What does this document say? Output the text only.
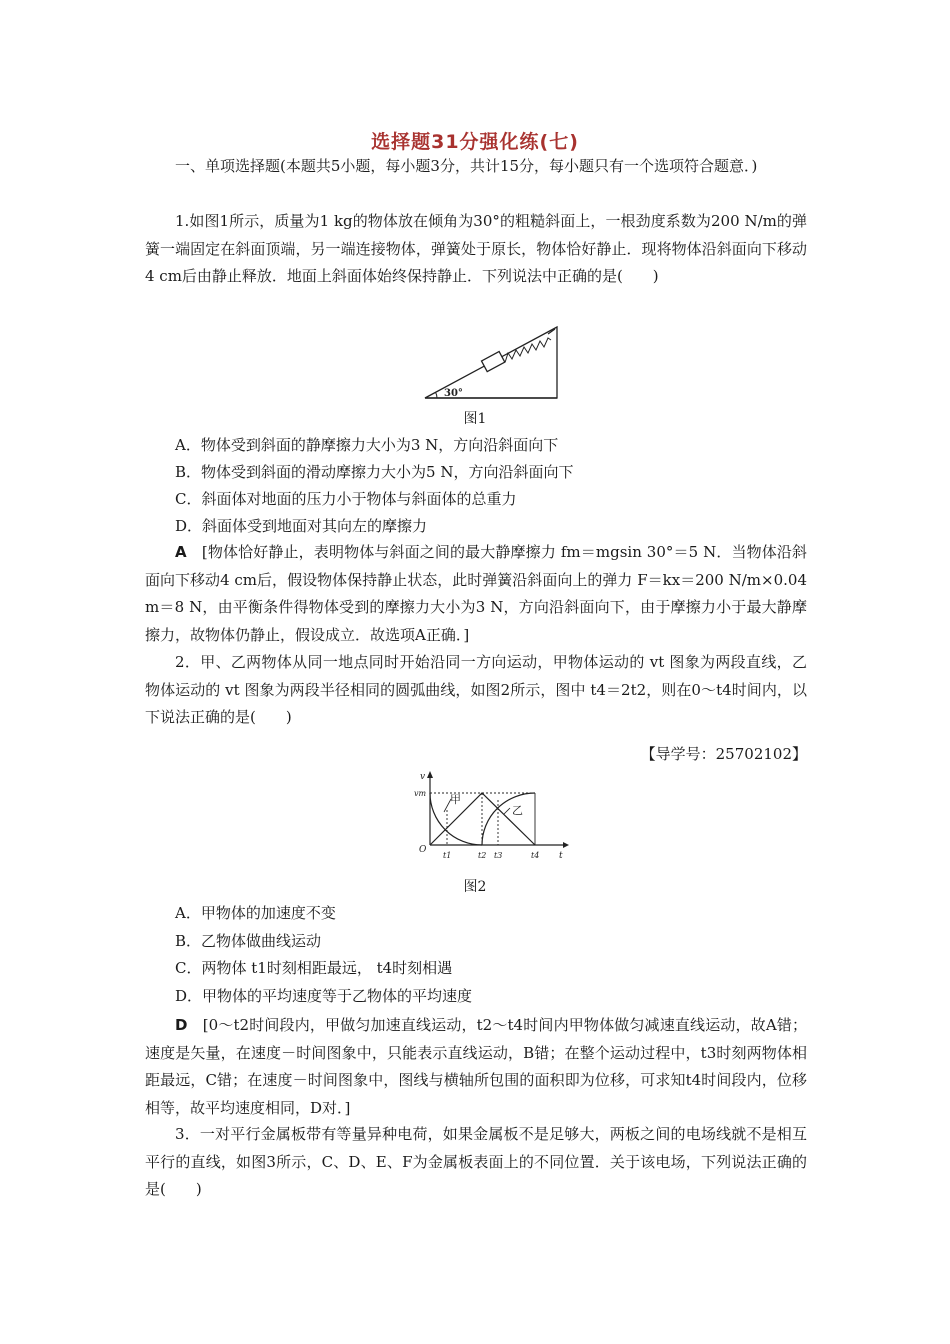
选择题31分强化练(七)

一、单项选择题(本题共5小题，每小题3分，共计15分，每小题只有一个选项符合题意．)

1.如图1所示，质量为1 kg的物体放在倾角为30°的粗糙斜面上，一根劲度系数为200 N/m的弹簧一端固定在斜面顶端，另一端连接物体，弹簧处于原长，物体恰好静止．现将物体沿斜面向下移动4 cm后由静止释放．地面上斜面体始终保持静止．下列说法中正确的是(　　)

30°
图1
A．物体受到斜面的静摩擦力大小为3 N，方向沿斜面向下
B．物体受到斜面的滑动摩擦力大小为5 N，方向沿斜面向下
C．斜面体对地面的压力小于物体与斜面体的总重力
D．斜面体受到地面对其向左的摩擦力

A　 [物体恰好静止，表明物体与斜面之间的最大静摩擦力 fm＝mgsin 30°＝5 N．当物体沿斜面向下移动4 cm后，假设物体保持静止状态，此时弹簧沿斜面向上的弹力 F＝kx＝200 N/m×0.04 m＝8 N，由平衡条件得物体受到的摩擦力大小为3 N，方向沿斜面向下，由于摩擦力小于最大静摩擦力，故物体仍静止，假设成立．故选项A正确．]

2．甲、乙两物体从同一地点同时开始沿同一方向运动，甲物体运动的 vt 图象为两段直线，乙物体运动的 vt 图象为两段半径相同的圆弧曲线，如图2所示，图中 t4＝2t2，则在0～t4时间内，以下说法正确的是(　　)

【导学号：25702102】
v
vm
O
t
t1	t2 t3	t4
甲
乙
图2
A．甲物体的加速度不变
B．乙物体做曲线运动
C．两物体 t1时刻相距最远， t4时刻相遇
D．甲物体的平均速度等于乙物体的平均速度

D　 [0～t2时间段内，甲做匀加速直线运动，t2～t4时间内甲物体做匀减速直线运动，故A错；速度是矢量，在速度－时间图象中，只能表示直线运动，B错；在整个运动过程中，t3时刻两物体相距最远，C错；在速度－时间图象中，图线与横轴所包围的面积即为位移，可求知t4时间段内，位移相等，故平均速度相同，D对．]

3．一对平行金属板带有等量异种电荷，如果金属板不是足够大，两板之间的电场线就不是相互平行的直线，如图3所示，C、D、E、F为金属板表面上的不同位置．关于该电场，下列说法正确的是(　　)
